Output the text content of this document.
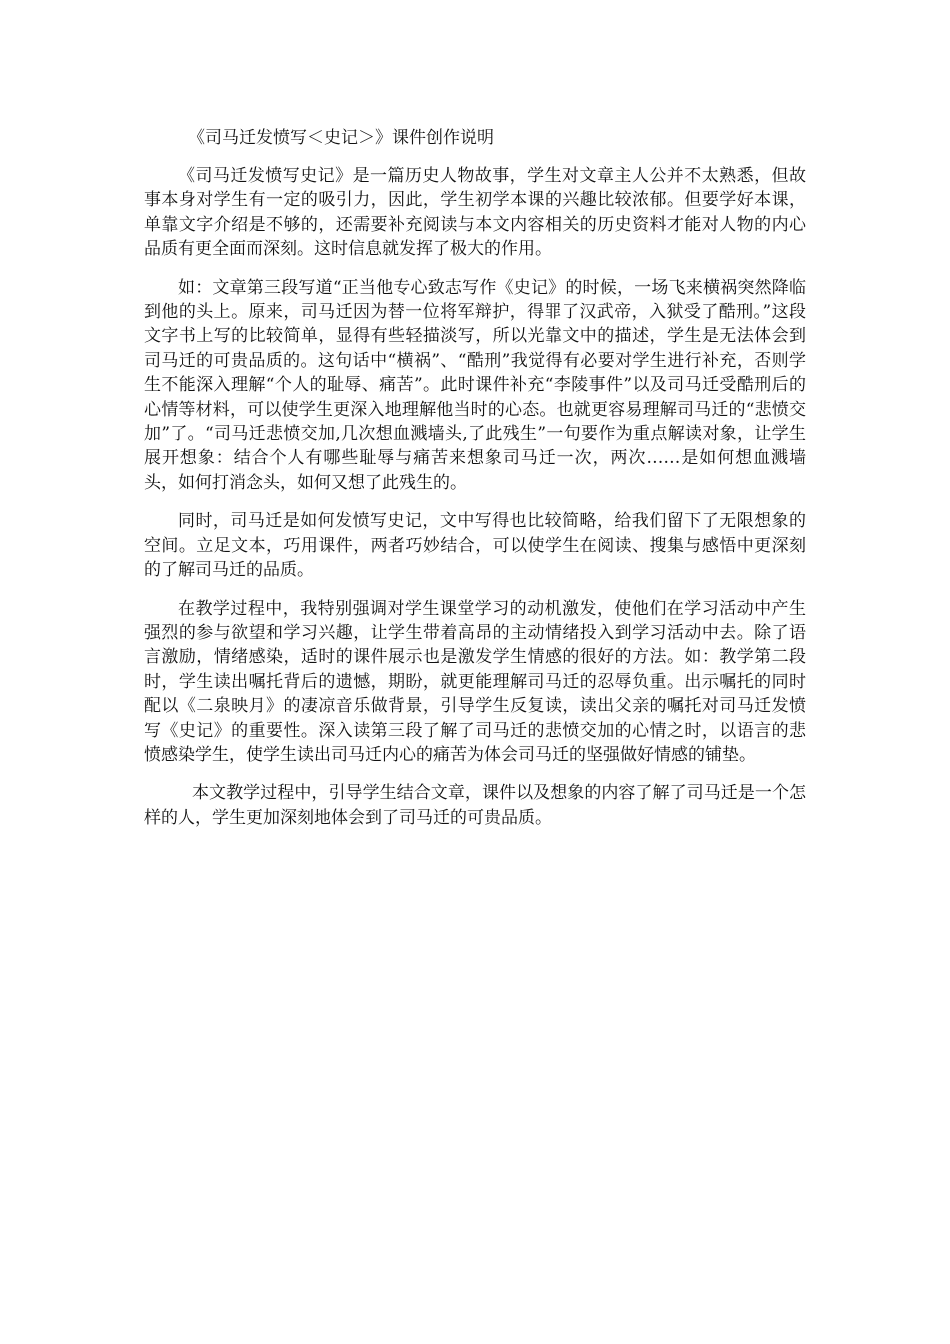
《司马迁发愤写＜史记＞》课件创作说明

《司马迁发愤写史记》是一篇历史人物故事，学生对文章主人公并不太熟悉，但故事本身对学生有一定的吸引力，因此，学生初学本课的兴趣比较浓郁。但要学好本课，单靠文字介绍是不够的，还需要补充阅读与本文内容相关的历史资料才能对人物的内心品质有更全面而深刻。这时信息就发挥了极大的作用。

如：文章第三段写道“正当他专心致志写作《史记》的时候，一场飞来横祸突然降临到他的头上。原来，司马迁因为替一位将军辩护，得罪了汉武帝，入狱受了酷刑。”这段文字书上写的比较简单，显得有些轻描淡写，所以光靠文中的描述，学生是无法体会到司马迁的可贵品质的。这句话中“横祸”、“酷刑”我觉得有必要对学生进行补充，否则学生不能深入理解“个人的耻辱、痛苦”。此时课件补充“李陵事件”以及司马迁受酷刑后的心情等材料，可以使学生更深入地理解他当时的心态。也就更容易理解司马迁的“悲愤交加”了。“司马迁悲愤交加,几次想血溅墙头,了此残生”一句要作为重点解读对象，让学生展开想象：结合个人有哪些耻辱与痛苦来想象司马迁一次，两次……是如何想血溅墙头，如何打消念头，如何又想了此残生的。

同时，司马迁是如何发愤写史记，文中写得也比较简略，给我们留下了无限想象的空间。立足文本，巧用课件，两者巧妙结合，可以使学生在阅读、搜集与感悟中更深刻的了解司马迁的品质。

在教学过程中，我特别强调对学生课堂学习的动机激发，使他们在学习活动中产生强烈的参与欲望和学习兴趣，让学生带着高昂的主动情绪投入到学习活动中去。除了语言激励，情绪感染，适时的课件展示也是激发学生情感的很好的方法。如：教学第二段时，学生读出嘱托背后的遗憾，期盼，就更能理解司马迁的忍辱负重。出示嘱托的同时配以《二泉映月》的凄凉音乐做背景，引导学生反复读，读出父亲的嘱托对司马迁发愤写《史记》的重要性。深入读第三段了解了司马迁的悲愤交加的心情之时，以语言的悲愤感染学生，使学生读出司马迁内心的痛苦为体会司马迁的坚强做好情感的铺垫。

本文教学过程中，引导学生结合文章，课件以及想象的内容了解了司马迁是一个怎样的人，学生更加深刻地体会到了司马迁的可贵品质。
